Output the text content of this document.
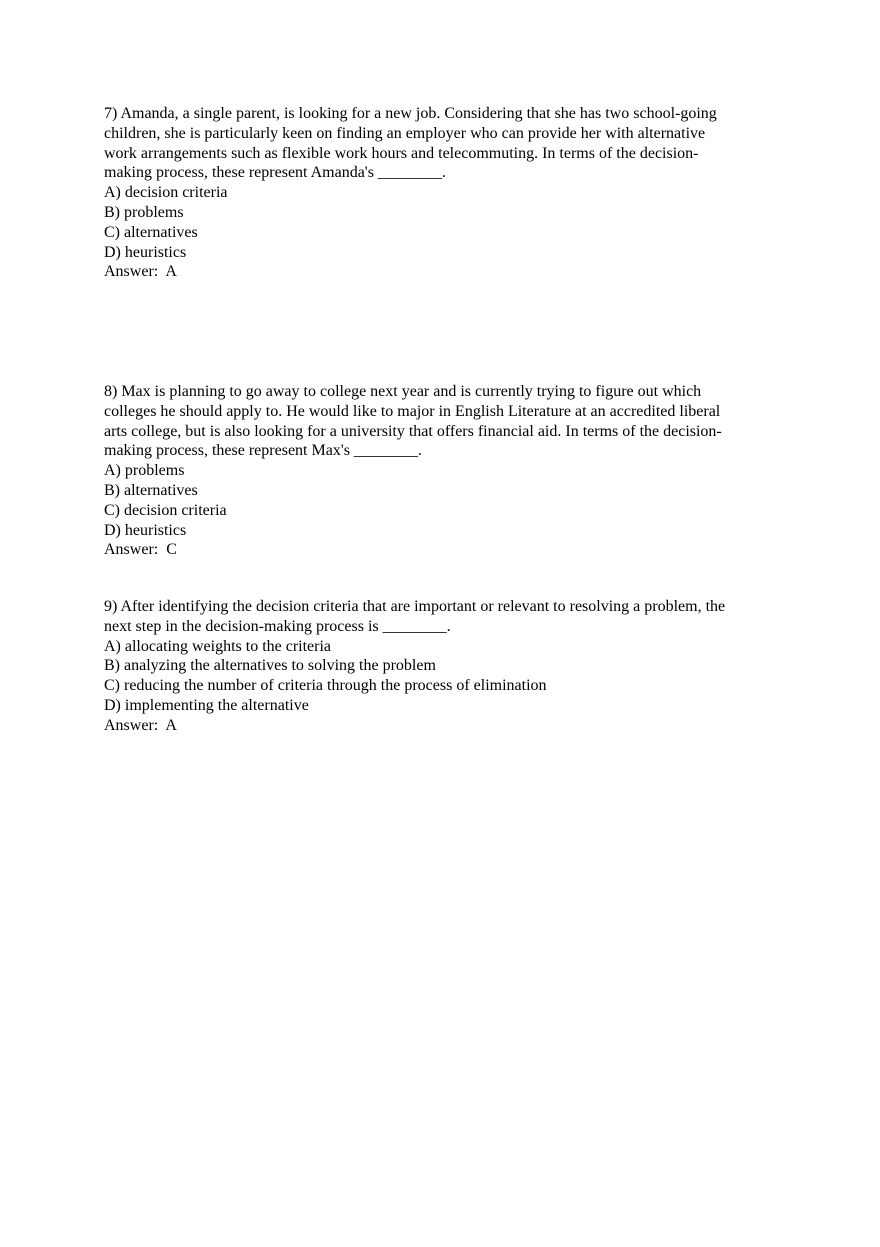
7) Amanda, a single parent, is looking for a new job. Considering that she has two school-going
children, she is particularly keen on finding an employer who can provide her with alternative
work arrangements such as flexible work hours and telecommuting. In terms of the decision-
making process, these represent Amanda's ________.

A) decision criteria
B) problems
C) alternatives
D) heuristics

Answer:  A

8) Max is planning to go away to college next year and is currently trying to figure out which
colleges he should apply to. He would like to major in English Literature at an accredited liberal
arts college, but is also looking for a university that offers financial aid. In terms of the decision-
making process, these represent Max's ________.

A) problems
B) alternatives
C) decision criteria
D) heuristics

Answer:  C

9) After identifying the decision criteria that are important or relevant to resolving a problem, the
next step in the decision-making process is ________.

A) allocating weights to the criteria
B) analyzing the alternatives to solving the problem
C) reducing the number of criteria through the process of elimination
D) implementing the alternative

Answer:  A
